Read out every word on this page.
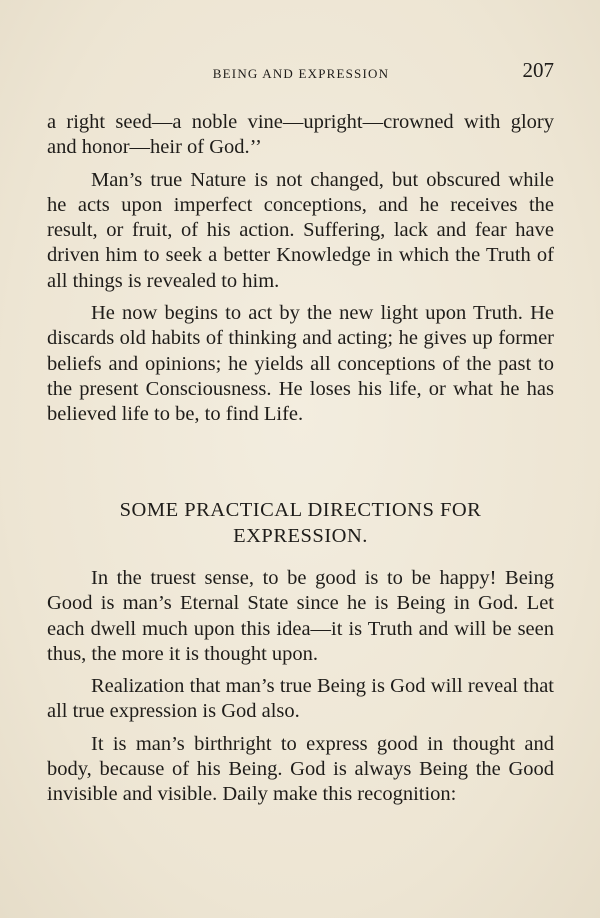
BEING AND EXPRESSION	207

a right seed—a noble vine—upright—crowned with glory and honor—heir of God.’’

Man’s true Nature is not changed, but obscured while he acts upon imperfect conceptions, and he receives the result, or fruit, of his action. Suffering, lack and fear have driven him to seek a better Knowledge in which the Truth of all things is revealed to him.

He now begins to act by the new light upon Truth. He discards old habits of thinking and acting; he gives up former beliefs and opinions; he yields all conceptions of the past to the present Consciousness. He loses his life, or what he has believed life to be, to find Life.

SOME PRACTICAL DIRECTIONS FOR
EXPRESSION.

In the truest sense, to be good is to be happy! Being Good is man’s Eternal State since he is Being in God. Let each dwell much upon this idea—it is Truth and will be seen thus, the more it is thought upon.

Realization that man’s true Being is God will reveal that all true expression is God also.

It is man’s birthright to express good in thought and body, because of his Being. God is always Being the Good invisible and visible. Daily make this recognition:
